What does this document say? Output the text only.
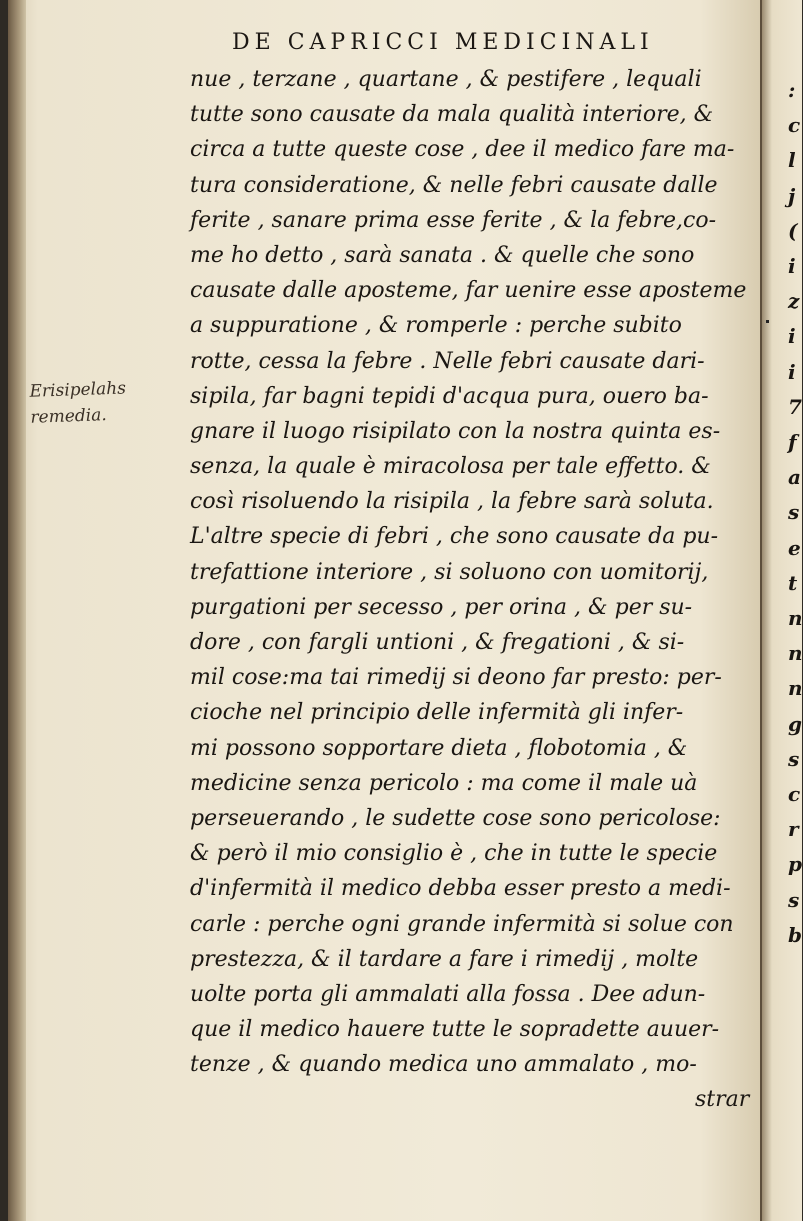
DE CAPRICCI MEDICINALI
Erisipelahs
remedia.
nue , terzane , quartane , & pestifere , lequali
tutte sono causate da mala qualità interiore, &
circa a tutte queste cose , dee il medico fare ma-
tura consideratione, & nelle febri causate dalle
ferite , sanare prima esse ferite , & la febre,co-
me ho detto , sarà sanata . & quelle che sono
causate dalle aposteme, far uenire esse aposteme
a suppuratione , & romperle : perche subito
rotte, cessa la febre . Nelle febri causate dari-
sipila, far bagni tepidi d'acqua pura, ouero ba-
gnare il luogo risipilato con la nostra quinta es-
senza, la quale è miracolosa per tale effetto. &
così risoluendo la risipila , la febre sarà soluta.
L'altre specie di febri , che sono causate da pu-
trefattione interiore , si soluono con uomitorij,
purgationi per secesso , per orina , & per su-
dore , con fargli untioni , & fregationi , & si-
mil cose:ma tai rimedij si deono far presto: per-
cioche nel principio delle infermità gli infer-
mi possono sopportare dieta , flobotomia , &
medicine senza pericolo : ma come il male uà
perseuerando , le sudette cose sono pericolose:
& però il mio consiglio è , che in tutte le specie
d'infermità il medico debba esser presto a medi-
carle : perche ogni grande infermità si solue con
prestezza, & il tardare a fare i rimedij , molte
uolte porta gli ammalati alla fossa . Dee adun-
que il medico hauere tutte le sopradette auuer-
tenze , & quando medica uno ammalato , mo-
strar
:
c
l
j
(
i
z
i
i
7
f
a
s
e
t
n
n
n
g
s
c
r
p
s
b
